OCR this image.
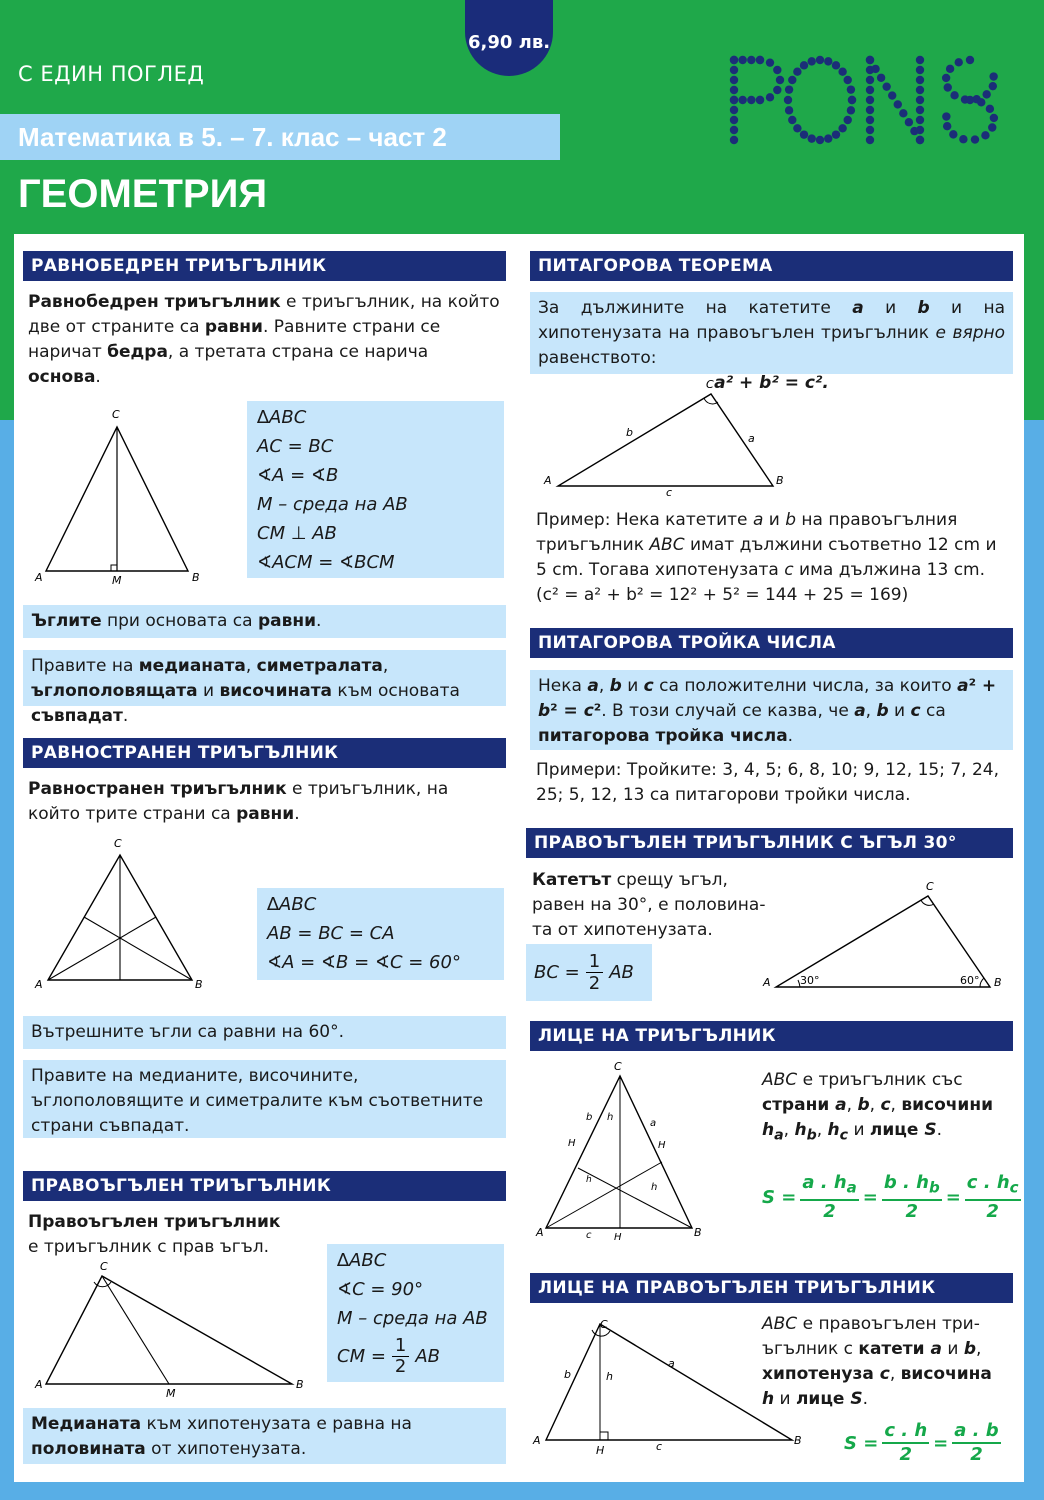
6,90 лв.
С ЕДИН ПОГЛЕД
Математика в 5. – 7. клас – част 2
ГЕОМЕТРИЯ
РАВНОБЕДРЕН ТРИЪГЪЛНИК
Равнобедрен триъгълник е триъгълник, на който две от страните са равни. Равните страни се наричат бедра, а третата страна се нарича основа.
C
A	M	B
∆ABC
AC = BC
∢A = ∢B
M – среда на AB
CM ⊥ AB
∢ACM = ∢BCM
Ъглите при основата са равни.
Правите на медианата, симетралата, ъглополовящата и височината към основата съвпадат.
РАВНОСТРАНЕН ТРИЪГЪЛНИК
Равностранен триъгълник е триъгълник, на който трите страни са равни.
C
A	B
∆ABC
AB = BC = CA
∢A = ∢B = ∢C = 60°
Вътрешните ъгли са равни на 60°.
Правите на медианите, височините, ъглополовящите и симетралите към съответните страни съвпадат.
ПРАВОЪГЪЛЕН ТРИЪГЪЛНИК
Правоъгълен триъгълник
е триъгълник с прав ъгъл.
C
A
M
B
∆ABC
∢C = 90°
M – среда на AB
CM = $\frac{1}{2}$ AB
Медианата към хипотенузата е равна на половината от хипотенузата.
ПИТАГОРОВА ТЕОРЕМА
За дължините на катетите a и b и на хипотенузата на правоъгълен триъгълник е вярно равенството:
a² + b² = c².
C
b	a
A
c
B
Пример: Нека катетите a и b на правоъгълния триъгълник ABC имат дължини съответно 12 cm и 5 cm. Тогава хипотенузата c има дължина 13 cm.
(c² = a² + b² = 12² + 5² = 144 + 25 = 169)
ПИТАГОРОВА ТРОЙКА ЧИСЛА
Нека a, b и c са положителни числа, за които a² + b² = c². В този случай се казва, че a, b и c са питагорова тройка числа.
Примери: Тройките: 3, 4, 5; 6, 8, 10; 9, 12, 15; 7, 24, 25; 5, 12, 13 са питагорови тройки числа.
ПРАВОЪГЪЛЕН ТРИЪГЪЛНИК С ЪГЪЛ 30°
Катетът срещу ъгъл, равен на 30°, е половина-
та от хипотенузата.
BC = $\frac{1}{2}$ AB
C
A	30°	60° B
ЛИЦЕ НА ТРИЪГЪЛНИК
C
b h
a
H	H
h
h
A	c H	B
ABC е триъгълник със страни a, b, c, височини $h_a$, $h_b$, $h_c$ и лице S.
S =
a . $h_a$
2
=
b . $h_b$
2
=
c . $h_c$
2
ЛИЦЕ НА ПРАВОЪГЪЛЕН ТРИЪГЪЛНИК
C
b	h
a
A
H	c	B
ABC е правоъгълен три-ъгълник с катети a и b, хипотенуза c, височина h и лице S.
S =
c . h
2
=
a . b
2
